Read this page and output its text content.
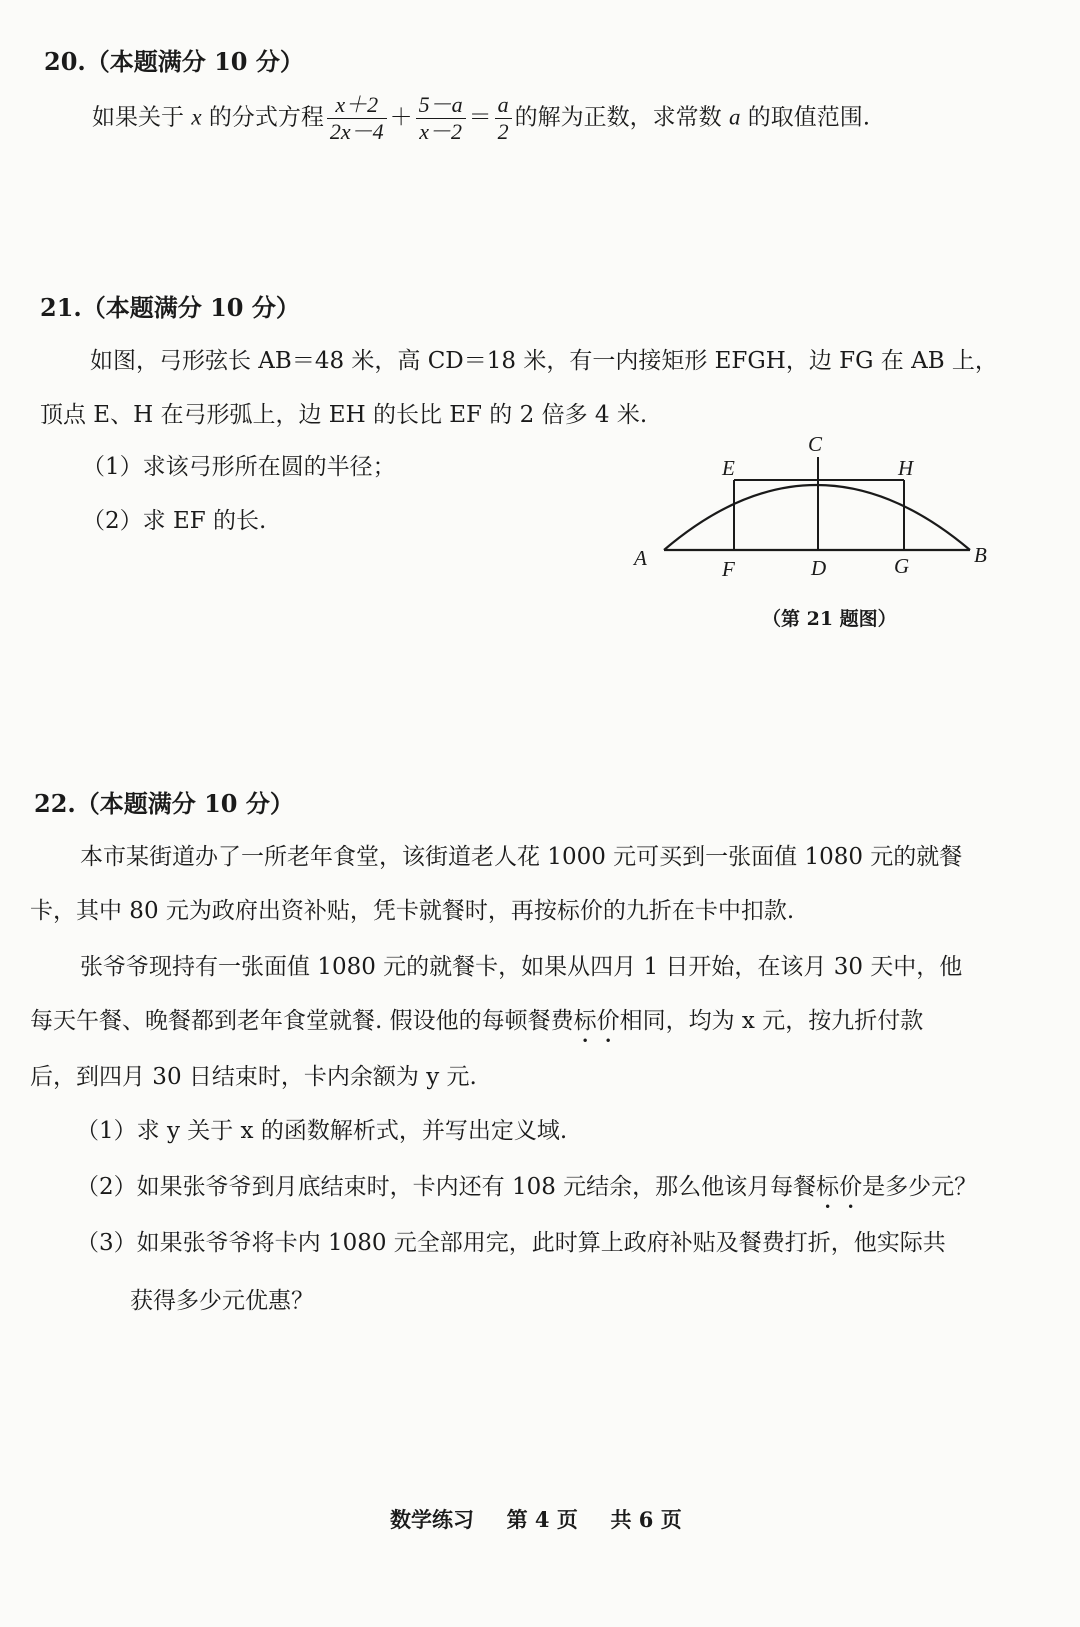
20.（本题满分 10 分）
如果关于 x 的分式方程 $\frac{x+2}{2x-4} + \frac{5-a}{x-2} = \frac{a}{2}$ 的解为正数，求常数 a 的取值范围.
21.（本题满分 10 分）
如图，弓形弦长 AB＝48 米，高 CD＝18 米，有一内接矩形 EFGH，边 FG 在 AB 上，
顶点 E、H 在弓形弧上，边 EH 的长比 EF 的 2 倍多 4 米.
（1）求该弓形所在圆的半径；
（2）求 EF 的长.
A	B
C
D
E
F	G
H
（第 21 题图）
22.（本题满分 10 分）
本市某街道办了一所老年食堂，该街道老人花 1000 元可买到一张面值 1080 元的就餐
卡，其中 80 元为政府出资补贴，凭卡就餐时，再按标价的九折在卡中扣款.
张爷爷现持有一张面值 1080 元的就餐卡，如果从四月 1 日开始，在该月 30 天中，他
每天午餐、晚餐都到老年食堂就餐. 假设他的每顿餐费标价相同，均为 x 元，按九折付款
后，到四月 30 日结束时，卡内余额为 y 元.
（1）求 y 关于 x 的函数解析式，并写出定义域.
（2）如果张爷爷到月底结束时，卡内还有 108 元结余，那么他该月每餐标价是多少元？
（3）如果张爷爷将卡内 1080 元全部用完，此时算上政府补贴及餐费打折，他实际共
获得多少元优惠？
数学练习 第 4 页 共 6 页
